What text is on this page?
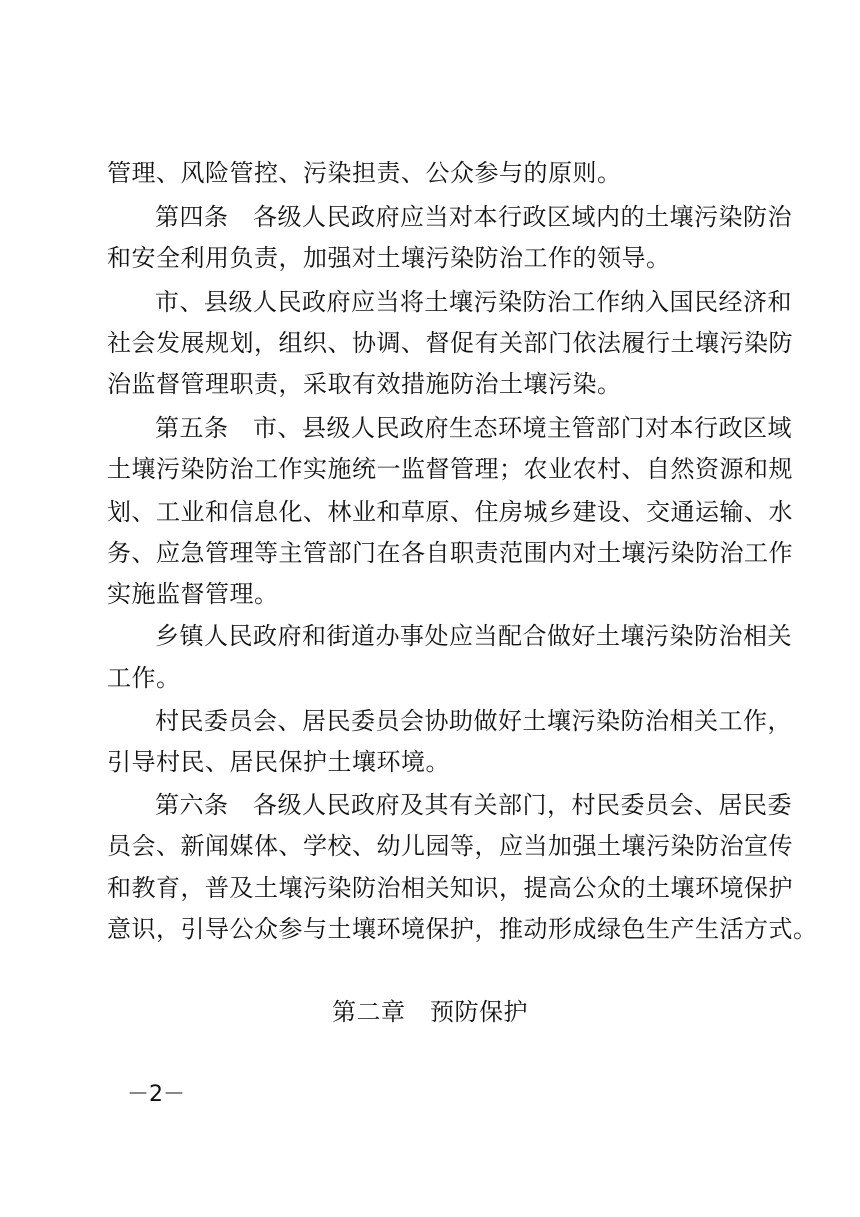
管理、风险管控、污染担责、公众参与的原则。
第四条　各级人民政府应当对本行政区域内的土壤污染防治
和安全利用负责，加强对土壤污染防治工作的领导。
市、县级人民政府应当将土壤污染防治工作纳入国民经济和
社会发展规划，组织、协调、督促有关部门依法履行土壤污染防
治监督管理职责，采取有效措施防治土壤污染。
第五条　市、县级人民政府生态环境主管部门对本行政区域
土壤污染防治工作实施统一监督管理；农业农村、自然资源和规
划、工业和信息化、林业和草原、住房城乡建设、交通运输、水
务、应急管理等主管部门在各自职责范围内对土壤污染防治工作
实施监督管理。
乡镇人民政府和街道办事处应当配合做好土壤污染防治相关
工作。
村民委员会、居民委员会协助做好土壤污染防治相关工作，
引导村民、居民保护土壤环境。
第六条　各级人民政府及其有关部门，村民委员会、居民委
员会、新闻媒体、学校、幼儿园等，应当加强土壤污染防治宣传
和教育，普及土壤污染防治相关知识，提高公众的土壤环境保护
意识，引导公众参与土壤环境保护，推动形成绿色生产生活方式。
第二章　预防保护
－2－
